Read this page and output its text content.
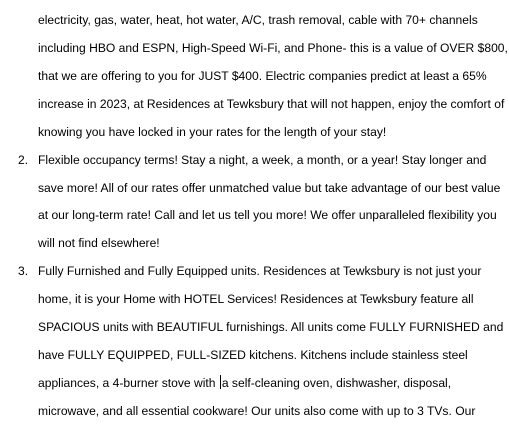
electricity, gas, water, heat, hot water, A/C, trash removal, cable with 70+ channels
including HBO and ESPN, High-Speed Wi-Fi, and Phone- this is a value of OVER $800,
that we are offering to you for JUST $400. Electric companies predict at least a 65%
increase in 2023, at Residences at Tewksbury that will not happen, enjoy the comfort of
knowing you have locked in your rates for the length of your stay!
2. Flexible occupancy terms! Stay a night, a week, a month, or a year! Stay longer and
save more! All of our rates offer unmatched value but take advantage of our best value
at our long-term rate! Call and let us tell you more! We offer unparalleled flexibility you
will not find elsewhere!
3. Fully Furnished and Fully Equipped units. Residences at Tewksbury is not just your
home, it is your Home with HOTEL Services! Residences at Tewksbury feature all
SPACIOUS units with BEAUTIFUL furnishings. All units come FULLY FURNISHED and
have FULLY EQUIPPED, FULL-SIZED kitchens. Kitchens include stainless steel
appliances, a 4-burner stove with a self-cleaning oven, dishwasher, disposal,
microwave, and all essential cookware! Our units also come with up to 3 TVs. Our
